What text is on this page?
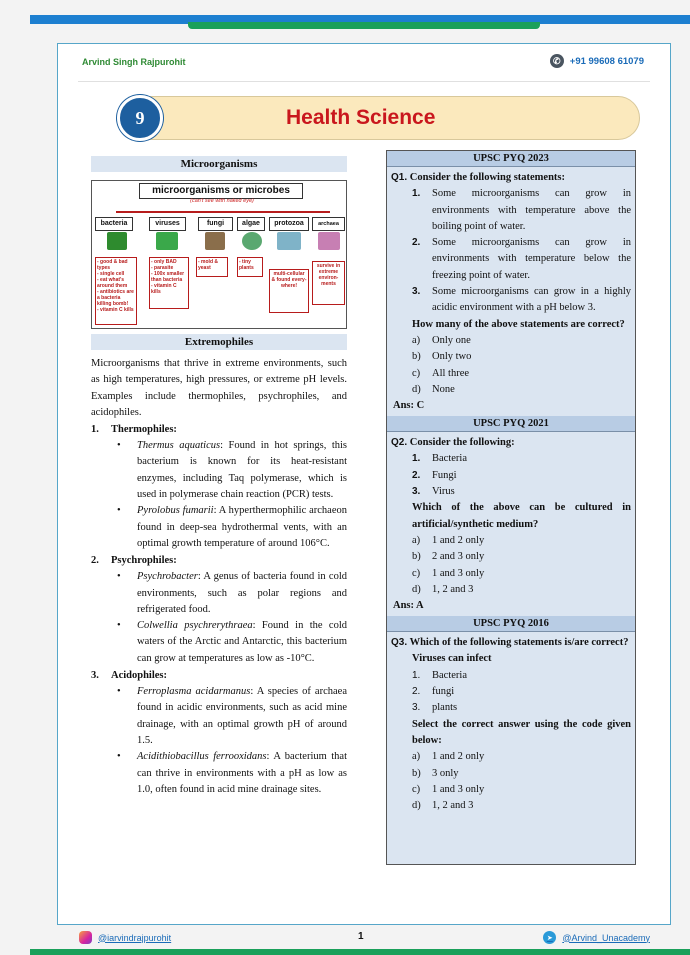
Arvind Singh Rajpurohit	✆ +91 99608 61079
9	Health Science
Microorganisms
microorganisms or microbes
(can't see with naked eye)
bacteria	viruses	fungi	algae	protozoa	archaea
- good & bad types
- single cell
- eat what's around them
- antibiotics are a bacteria killing bomb!
- vitamin C kills
- only BAD
- parasite
- 100x smaller than bacteria
- vitamin C kills
- mold & yeast
- tiny plants
multi-cellular & found every-where!
survive in extreme environ-ments
Extremophiles

Microorganisms that thrive in extreme environments, such as high temperatures, high pressures, or extreme pH levels. Examples include thermophiles, psychrophiles, and acidophiles.

1. Thermophiles:
• Thermus aquaticus: Found in hot springs, this bacterium is known for its heat-resistant enzymes, including Taq polymerase, which is used in polymerase chain reaction (PCR) tests.
• Pyrolobus fumarii: A hyperthermophilic archaeon found in deep-sea hydrothermal vents, with an optimal growth temperature of around 106°C.
2. Psychrophiles:
• Psychrobacter: A genus of bacteria found in cold environments, such as polar regions and refrigerated food.
• Colwellia psychrerythraea: Found in the cold waters of the Arctic and Antarctic, this bacterium can grow at temperatures as low as -10°C.
3. Acidophiles:
• Ferroplasma acidarmanus: A species of archaea found in acidic environments, such as acid mine drainage, with an optimal growth pH of around 1.5.
• Acidithiobacillus ferrooxidans: A bacterium that can thrive in environments with a pH as low as 1.0, often found in acid mine drainage sites.
UPSC PYQ 2023
Q1. Consider the following statements:
1.	Some microorganisms can grow in environments with temperature above the boiling point of water.
2.	Some microorganisms can grow in environments with temperature below the freezing point of water.
3.	Some microorganisms can grow in a highly acidic environment with a pH below 3.
How many of the above statements are correct?
a)	Only one
b)	Only two
c)	All three
d)	None
Ans: C
UPSC PYQ 2021
Q2. Consider the following:
1.	Bacteria
2.	Fungi
3.	Virus
Which of the above can be cultured in artificial/synthetic medium?
a)	1 and 2 only
b)	2 and 3 only
c)	1 and 3 only
d)	1, 2 and 3
Ans: A
UPSC PYQ 2016
Q3. Which of the following statements is/are correct?
Viruses can infect
1.	Bacteria
2.	fungi
3.	plants
Select the correct answer using the code given below:
a)	1 and 2 only
b)	3 only
c)	1 and 3 only
d)	1, 2 and 3
@iarvindrajpurohit	1	➤	@Arvind_Unacademy
